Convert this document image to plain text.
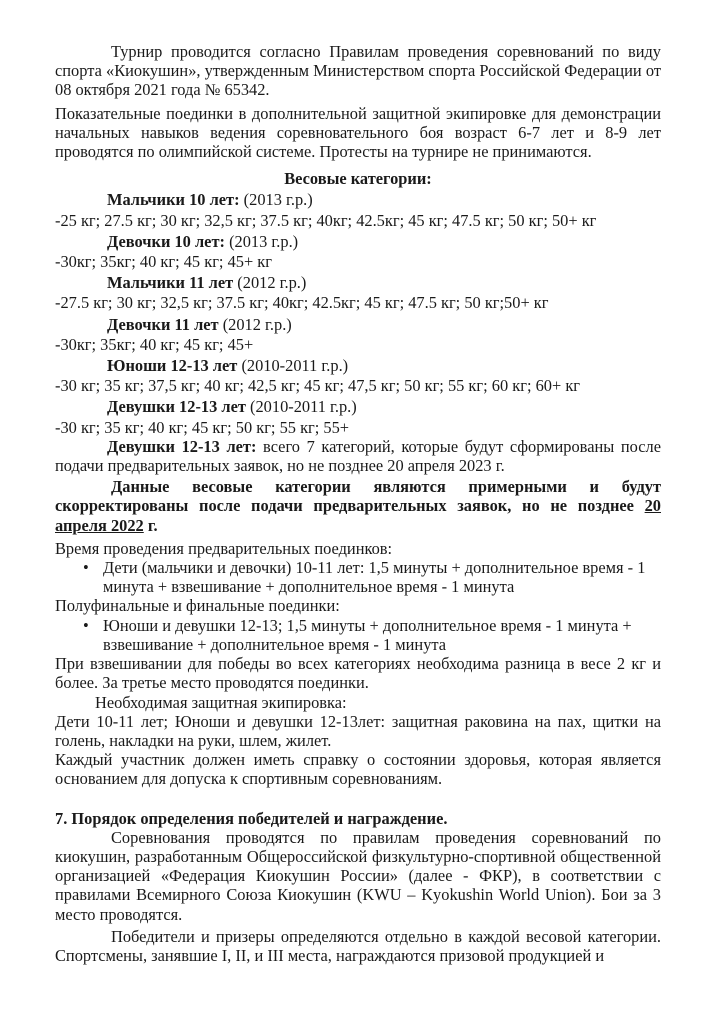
Турнир проводится согласно Правилам проведения соревнований по виду спорта «Киокушин», утвержденным Министерством спорта Российской Федерации от 08 октября 2021 года № 65342.

Показательные поединки в дополнительной защитной экипировке для демонстрации начальных навыков ведения соревновательного боя возраст 6-7 лет и 8-9 лет проводятся по олимпийской системе. Протесты на турнире не принимаются.

Весовые категории:

Мальчики 10 лет: (2013 г.р.)

-25 кг; 27.5 кг; 30 кг; 32,5 кг; 37.5 кг; 40кг; 42.5кг; 45 кг; 47.5 кг; 50 кг; 50+ кг

Девочки 10 лет: (2013 г.р.)

-30кг; 35кг; 40 кг; 45 кг; 45+ кг

Мальчики 11 лет (2012 г.р.)

-27.5 кг; 30 кг; 32,5 кг; 37.5 кг; 40кг; 42.5кг; 45 кг; 47.5 кг; 50 кг;50+ кг

Девочки 11 лет (2012 г.р.)

-30кг; 35кг; 40 кг; 45 кг; 45+

Юноши 12-13 лет (2010-2011 г.р.)

-30 кг; 35 кг; 37,5 кг; 40 кг; 42,5 кг; 45 кг; 47,5 кг; 50 кг; 55 кг; 60 кг; 60+ кг

Девушки 12-13 лет (2010-2011 г.р.)

-30 кг; 35 кг; 40 кг; 45 кг; 50 кг; 55 кг; 55+

Девушки 12-13 лет: всего 7 категорий, которые будут сформированы после подачи предварительных заявок, но не позднее 20 апреля 2023 г.

Данные весовые категории являются примерными и будут скорректированы после подачи предварительных заявок, но не позднее 20 апреля 2022 г.

Время проведения предварительных поединков:

• Дети (мальчики и девочки) 10-11 лет: 1,5 минуты + дополнительное время - 1 минута + взвешивание + дополнительное время - 1 минута

Полуфинальные и финальные поединки:

• Юноши и девушки 12-13; 1,5 минуты + дополнительное время - 1 минута + взвешивание + дополнительное время - 1 минута

При взвешивании для победы во всех категориях необходима разница в весе 2 кг и более. За третье место проводятся поединки.

Необходимая защитная экипировка:

Дети 10-11 лет; Юноши и девушки 12-13лет: защитная раковина на пах, щитки на голень, накладки на руки, шлем, жилет.

Каждый участник должен иметь справку о состоянии здоровья, которая является основанием для допуска к спортивным соревнованиям.

7. Порядок определения победителей и награждение.

Соревнования проводятся по правилам проведения соревнований по киокушин, разработанным Общероссийской физкультурно-спортивной общественной организацией «Федерация Киокушин России» (далее - ФКР), в соответствии с правилами Всемирного Союза Киокушин (KWU – Kyokushin World Union). Бои за 3 место проводятся.

Победители и призеры определяются отдельно в каждой весовой категории. Спортсмены, занявшие I, II, и III места, награждаются призовой продукцией и
